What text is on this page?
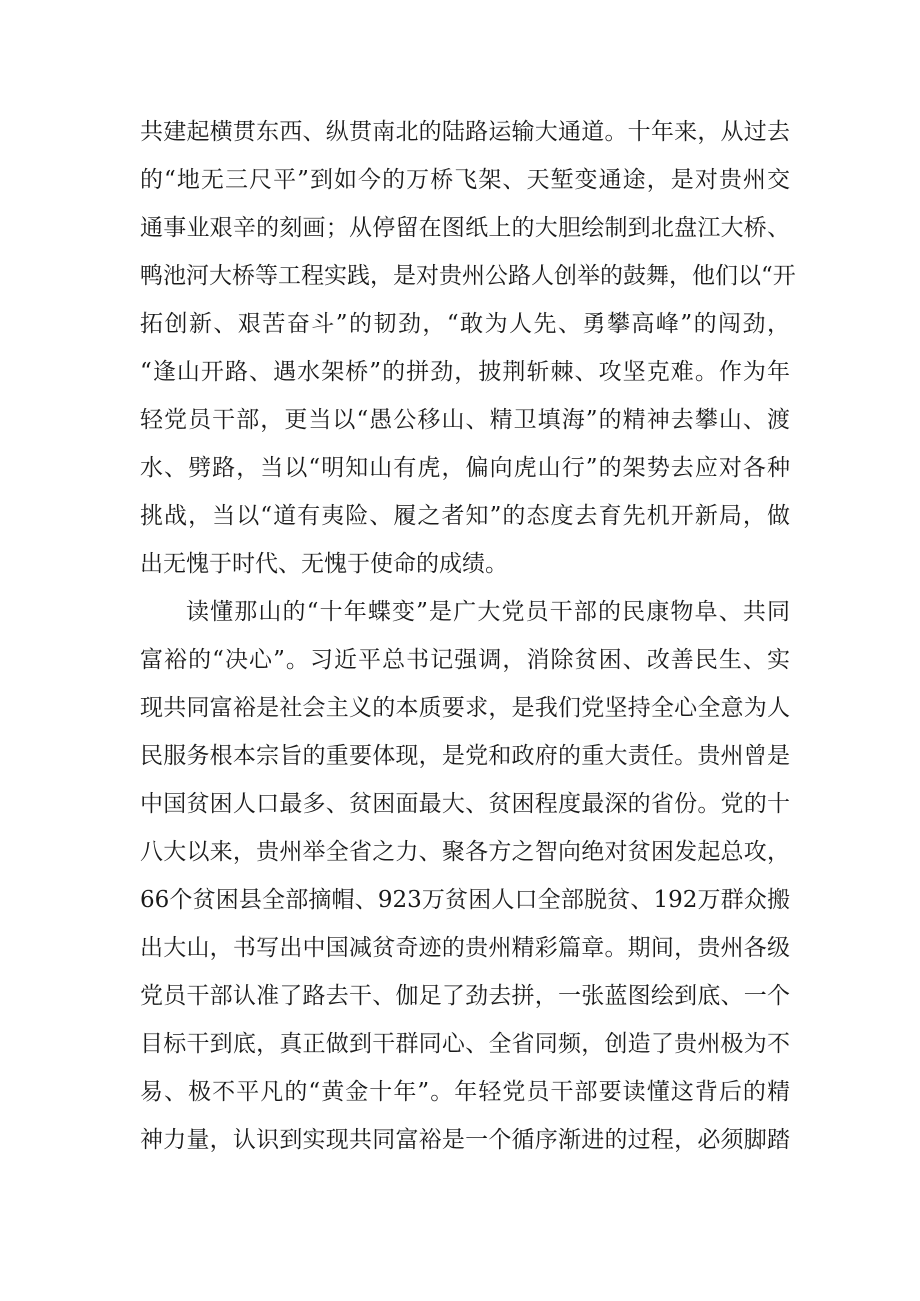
共建起横贯东西、纵贯南北的陆路运输大通道。十年来，从过去
的“地无三尺平”到如今的万桥飞架、天堑变通途，是对贵州交
通事业艰辛的刻画；从停留在图纸上的大胆绘制到北盘江大桥、
鸭池河大桥等工程实践，是对贵州公路人创举的鼓舞，他们以“开
拓创新、艰苦奋斗”的韧劲，“敢为人先、勇攀高峰”的闯劲，
“逢山开路、遇水架桥”的拼劲，披荆斩棘、攻坚克难。作为年
轻党员干部，更当以“愚公移山、精卫填海”的精神去攀山、渡
水、劈路，当以“明知山有虎，偏向虎山行”的架势去应对各种
挑战，当以“道有夷险、履之者知”的态度去育先机开新局，做
出无愧于时代、无愧于使命的成绩。
读懂那山的“十年蝶变”是广大党员干部的民康物阜、共同
富裕的“决心”。习近平总书记强调，消除贫困、改善民生、实
现共同富裕是社会主义的本质要求，是我们党坚持全心全意为人
民服务根本宗旨的重要体现，是党和政府的重大责任。贵州曾是
中国贫困人口最多、贫困面最大、贫困程度最深的省份。党的十
八大以来，贵州举全省之力、聚各方之智向绝对贫困发起总攻，
66个贫困县全部摘帽、923万贫困人口全部脱贫、192万群众搬
出大山，书写出中国减贫奇迹的贵州精彩篇章。期间，贵州各级
党员干部认准了路去干、伽足了劲去拼，一张蓝图绘到底、一个
目标干到底，真正做到干群同心、全省同频，创造了贵州极为不
易、极不平凡的“黄金十年”。年轻党员干部要读懂这背后的精
神力量，认识到实现共同富裕是一个循序渐进的过程，必须脚踏
